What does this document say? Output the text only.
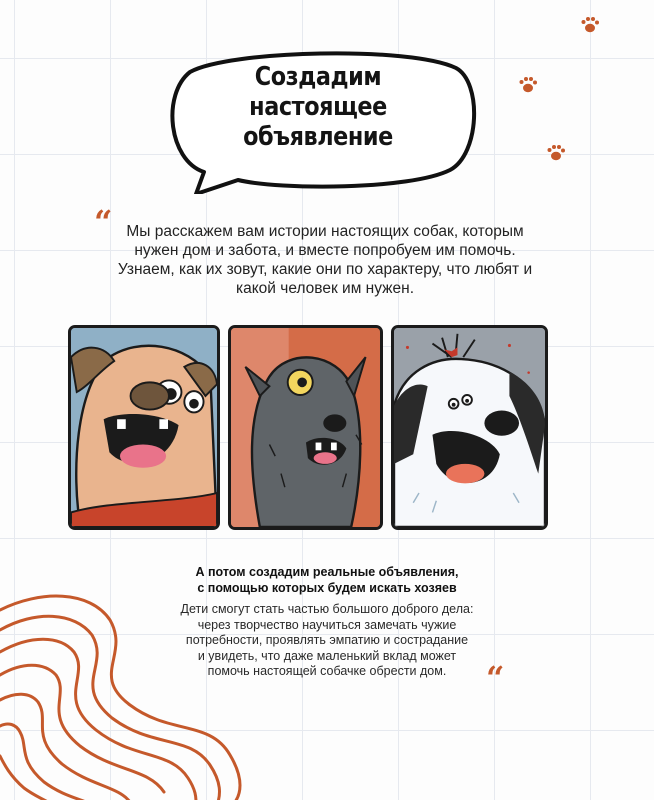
Создадим
настоящее
объявление
“ Мы расскажем вам истории настоящих собак, которым нужен дом и забота, и вместе попробуем им помочь. Узнаем, как их зовут, какие они по характеру, что любят и какой человек им нужен.
А потом создадим реальные объявления,
с помощью которых будем искать хозяев
Дети смогут стать частью большого доброго дела:
через творчество научиться замечать чужие
потребности, проявлять эмпатию и сострадание
и увидеть, что даже маленький вклад может
помочь настоящей собачке обрести дом.	“
